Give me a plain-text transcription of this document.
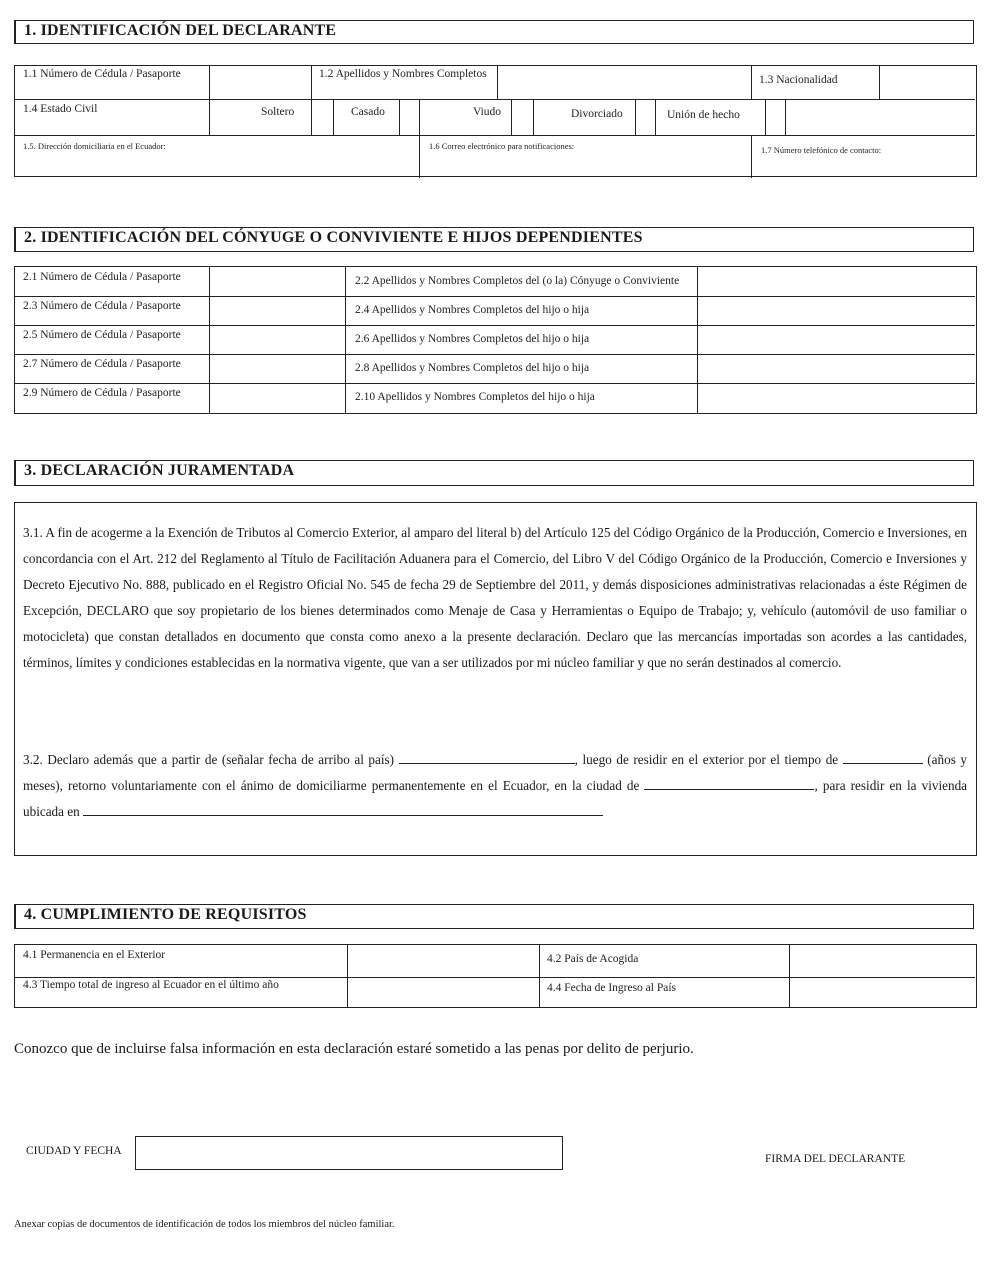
1. IDENTIFICACIÓN DEL DECLARANTE
1.1 Número de Cédula / Pasaporte	1.2 Apellidos y Nombres Completos	1.3 Nacionalidad
1.4 Estado Civil	Soltero	Casado	Viudo	Divorciado	Unión de hecho
1.5. Dirección domiciliaria en el Ecuador:	1.6 Correo electrónico para notificaciones:	1.7 Número telefónico de contacto:
2. IDENTIFICACIÓN DEL CÓNYUGE O CONVIVIENTE E HIJOS DEPENDIENTES
2.1 Número de Cédula / Pasaporte	2.2 Apellidos y Nombres Completos del (o la) Cónyuge o Conviviente
2.3 Número de Cédula / Pasaporte	2.4 Apellidos y Nombres Completos del hijo o hija
2.5 Número de Cédula / Pasaporte	2.6 Apellidos y Nombres Completos del hijo o hija
2.7 Número de Cédula / Pasaporte	2.8 Apellidos y Nombres Completos del hijo o hija
2.9 Número de Cédula / Pasaporte	2.10 Apellidos y Nombres Completos del hijo o hija
3. DECLARACIÓN JURAMENTADA
3.1. A fin de acogerme a la Exención de Tributos al Comercio Exterior, al amparo del literal b) del Artículo 125 del Código Orgánico de la Producción, Comercio e Inversiones, en concordancia con el Art. 212 del Reglamento al Título de Facilitación Aduanera para el Comercio, del Libro V del Código Orgánico de la Producción, Comercio e Inversiones y Decreto Ejecutivo No. 888, publicado en el Registro Oficial No. 545 de fecha 29 de Septiembre del 2011, y demás disposiciones administrativas relacionadas a éste Régimen de Excepción, DECLARO que soy propietario de los bienes determinados como Menaje de Casa y Herramientas o Equipo de Trabajo; y, vehículo (automóvil de uso familiar o motocicleta) que constan detallados en documento que consta como anexo a la presente declaración. Declaro que las mercancías importadas son acordes a las cantidades, términos, límites y condiciones establecidas en la normativa vigente, que van a ser utilizados por mi núcleo familiar y que no serán destinados al comercio.
3.2. Declaro además que a partir de (señalar fecha de arribo al país)	, luego de residir en el exterior por el tiempo de	(años y meses), retorno voluntariamente con el ánimo de domiciliarme permanentemente en el Ecuador, en la ciudad de	, para residir en la vivienda ubicada en
4. CUMPLIMIENTO DE REQUISITOS
4.1 Permanencia en el Exterior	4.2 País de Acogida
4.3 Tiempo total de ingreso al Ecuador en el último año	4.4 Fecha de Ingreso al País
Conozco que de incluirse falsa información en esta declaración estaré sometido a las penas por delito de perjurio.
CIUDAD Y FECHA
FIRMA DEL DECLARANTE
Anexar copias de documentos de identificación de todos los miembros del núcleo familiar.
